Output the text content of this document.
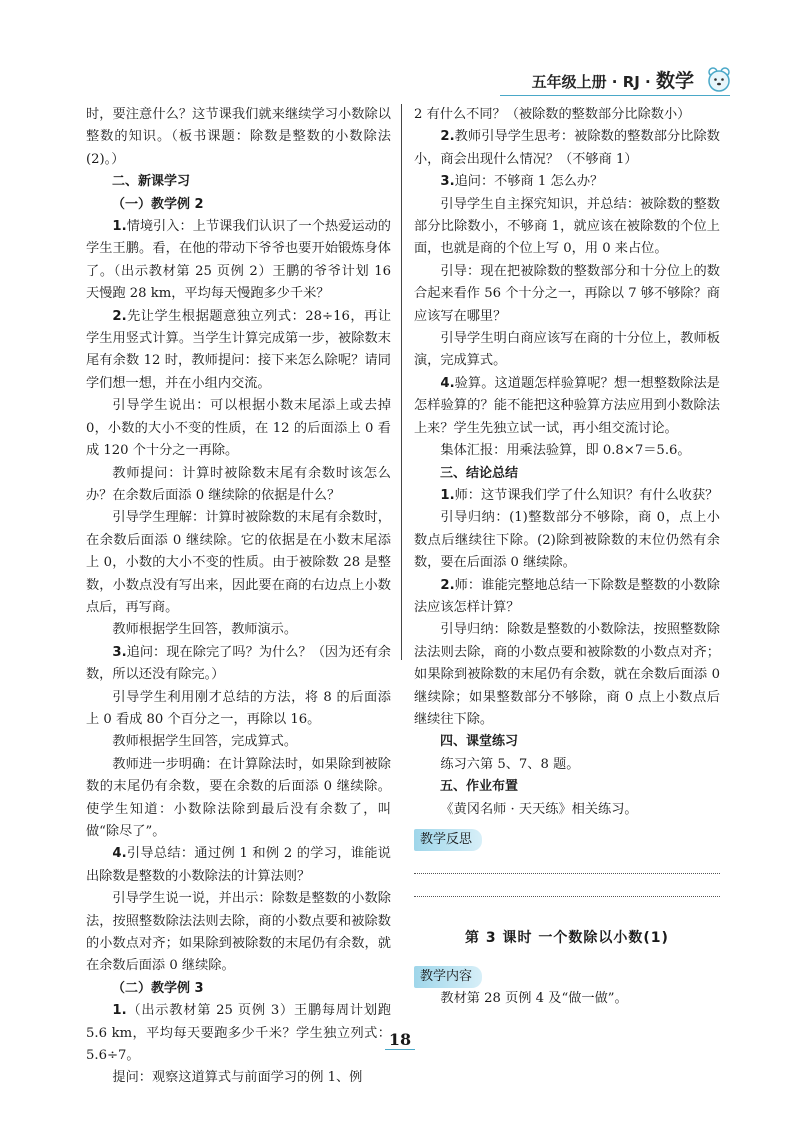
五年级上册 · RJ · 数学

时，要注意什么？这节课我们就来继续学习小数除以整数的知识。（板书课题：除数是整数的小数除法(2)。）

二、新课学习

（一）教学例 2

1.情境引入：上节课我们认识了一个热爱运动的学生王鹏。看，在他的带动下爷爷也要开始锻炼身体了。（出示教材第 25 页例 2）王鹏的爷爷计划 16 天慢跑 28 km，平均每天慢跑多少千米？

2.先让学生根据题意独立列式：28÷16，再让学生用竖式计算。当学生计算完成第一步，被除数末尾有余数 12 时，教师提问：接下来怎么除呢？请同学们想一想，并在小组内交流。

引导学生说出：可以根据小数末尾添上或去掉 0，小数的大小不变的性质，在 12 的后面添上 0 看成 120 个十分之一再除。

教师提问：计算时被除数末尾有余数时该怎么办？在余数后面添 0 继续除的依据是什么？

引导学生理解：计算时被除数的末尾有余数时，在余数后面添 0 继续除。它的依据是在小数末尾添上 0，小数的大小不变的性质。由于被除数 28 是整数，小数点没有写出来，因此要在商的右边点上小数点后，再写商。

教师根据学生回答，教师演示。

3.追问：现在除完了吗？为什么？（因为还有余数，所以还没有除完。）

引导学生利用刚才总结的方法，将 8 的后面添上 0 看成 80 个百分之一，再除以 16。

教师根据学生回答，完成算式。

教师进一步明确：在计算除法时，如果除到被除数的末尾仍有余数，要在余数的后面添 0 继续除。使学生知道：小数除法除到最后没有余数了，叫做“除尽了”。

4.引导总结：通过例 1 和例 2 的学习，谁能说出除数是整数的小数除法的计算法则？

引导学生说一说，并出示：除数是整数的小数除法，按照整数除法法则去除，商的小数点要和被除数的小数点对齐；如果除到被除数的末尾仍有余数，就在余数后面添 0 继续除。

（二）教学例 3

1.（出示教材第 25 页例 3）王鹏每周计划跑 5.6 km，平均每天要跑多少千米？学生独立列式：5.6÷7。

提问：观察这道算式与前面学习的例 1、例

2 有什么不同？（被除数的整数部分比除数小）

2.教师引导学生思考：被除数的整数部分比除数小，商会出现什么情况？（不够商 1）

3.追问：不够商 1 怎么办？

引导学生自主探究知识，并总结：被除数的整数部分比除数小，不够商 1，就应该在被除数的个位上面，也就是商的个位上写 0，用 0 来占位。

引导：现在把被除数的整数部分和十分位上的数合起来看作 56 个十分之一，再除以 7 够不够除？商应该写在哪里？

引导学生明白商应该写在商的十分位上，教师板演，完成算式。

4.验算。这道题怎样验算呢？想一想整数除法是怎样验算的？能不能把这种验算方法应用到小数除法上来？学生先独立试一试，再小组交流讨论。

集体汇报：用乘法验算，即 0.8×7＝5.6。

三、结论总结

1.师：这节课我们学了什么知识？有什么收获？

引导归纳：(1)整数部分不够除，商 0，点上小数点后继续往下除。(2)除到被除数的末位仍然有余数，要在后面添 0 继续除。

2.师：谁能完整地总结一下除数是整数的小数除法应该怎样计算？

引导归纳：除数是整数的小数除法，按照整数除法法则去除，商的小数点要和被除数的小数点对齐；如果除到被除数的末尾仍有余数，就在余数后面添 0 继续除；如果整数部分不够除，商 0 点上小数点后继续往下除。

四、课堂练习

练习六第 5、7、8 题。

五、作业布置

《黄冈名师 · 天天练》相关练习。

教学反思
第 3 课时 一个数除以小数(1)
教学内容

教材第 28 页例 4 及“做一做”。

18
